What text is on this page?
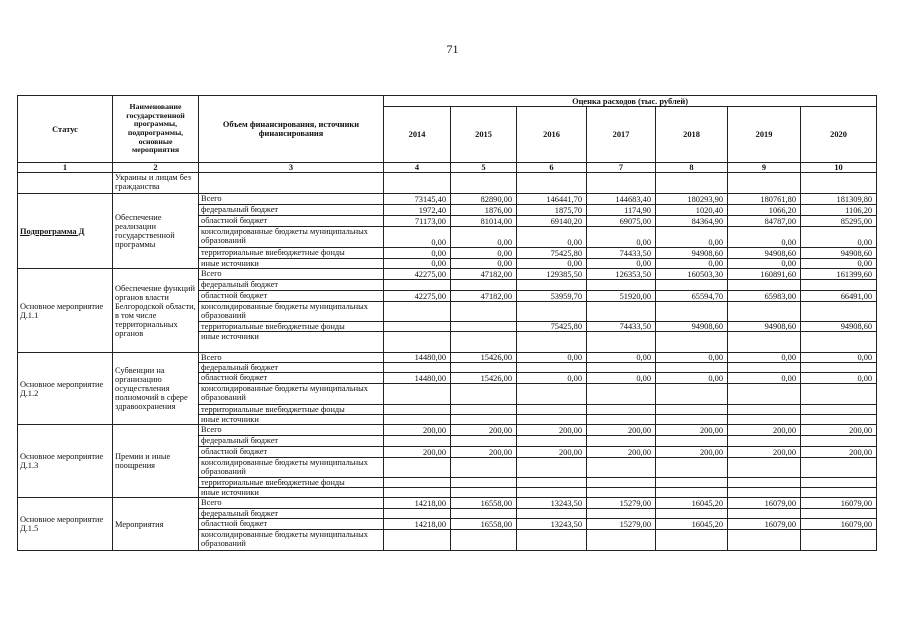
71
Статус	Наименование государственной программы, подпрограммы, основные мероприятия	Объем финансирования, источники финансирования	Оценка расходов (тыс. рублей)						
			2014	2015	2016	2017	2018	2019	2020
1	2	3	4	5	6	7	8	9	10
	Украины и лицам без гражданства								
Подпрограмма Д	Обеспечение реализации государственной программы	Всего	73145,40	82890,00	146441,70	144683,40	180293,90	180761,80	181309,80
		федеральный бюджет	1972,40	1876,00	1875,70	1174,90	1020,40	1066,20	1106,20
		областной бюджет	71173,00	81014,00	69140,20	69075,00	84364,90	84787,00	85295,00
		консолидированные бюджеты муниципальных образований	0,00	0,00	0,00	0,00	0,00	0,00	0,00
		территориальные внебюджетные фонды	0,00	0,00	75425,80	74433,50	94908,60	94908,60	94908,60
		иные источники	0,00	0,00	0,00	0,00	0,00	0,00	0,00
Основное мероприятие Д.1.1	Обеспечение функций органов власти Белгородской области, в том числе территориальных органов	Всего	42275,00	47182,00	129385,50	126353,50	160503,30	160891,60	161399,60
		федеральный бюджет							
		областной бюджет	42275,00	47182,00	53959,70	51920,00	65594,70	65983,00	66491,00
		консолидированные бюджеты муниципальных образований							
		территориальные внебюджетные фонды			75425,80	74433,50	94908,60	94908,60	94908,60
		иные источники							
Основное мероприятие Д.1.2	Субвенции на организацию осуществления полномочий в сфере здравоохранения	Всего	14480,00	15426,00	0,00	0,00	0,00	0,00	0,00
		федеральный бюджет							
		областной бюджет	14480,00	15426,00	0,00	0,00	0,00	0,00	0,00
		консолидированные бюджеты муниципальных образований							
		территориальные внебюджетные фонды							
		иные источники							
Основное мероприятие Д.1.3	Премии и иные поощрения	Всего	200,00	200,00	200,00	200,00	200,00	200,00	200,00
		федеральный бюджет							
		областной бюджет	200,00	200,00	200,00	200,00	200,00	200,00	200,00
		консолидированные бюджеты муниципальных образований							
		территориальные внебюджетные фонды							
		иные источники							
Основное мероприятие Д.1.5	Мероприятия	Всего	14218,00	16558,00	13243,50	15279,00	16045,20	16079,00	16079,00
		федеральный бюджет							
		областной бюджет	14218,00	16558,00	13243,50	15279,00	16045,20	16079,00	16079,00
		консолидированные бюджеты муниципальных образований							
